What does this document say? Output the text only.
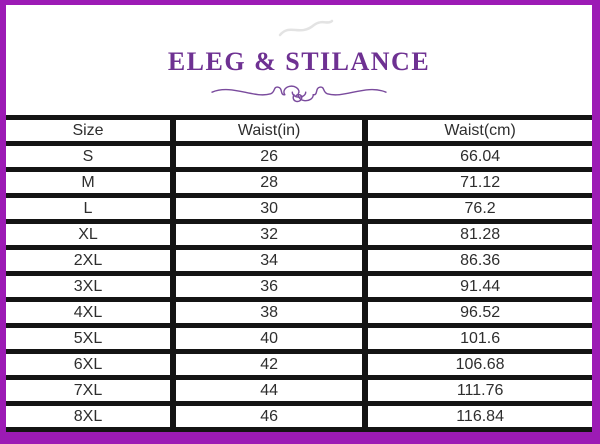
ELEG & STILANCE
Size	Waist(in)	Waist(cm)
S	26	66.04
M	28	71.12
L	30	76.2
XL	32	81.28
2XL	34	86.36
3XL	36	91.44
4XL	38	96.52
5XL	40	101.6
6XL	42	106.68
7XL	44	111.76
8XL	46	116.84
